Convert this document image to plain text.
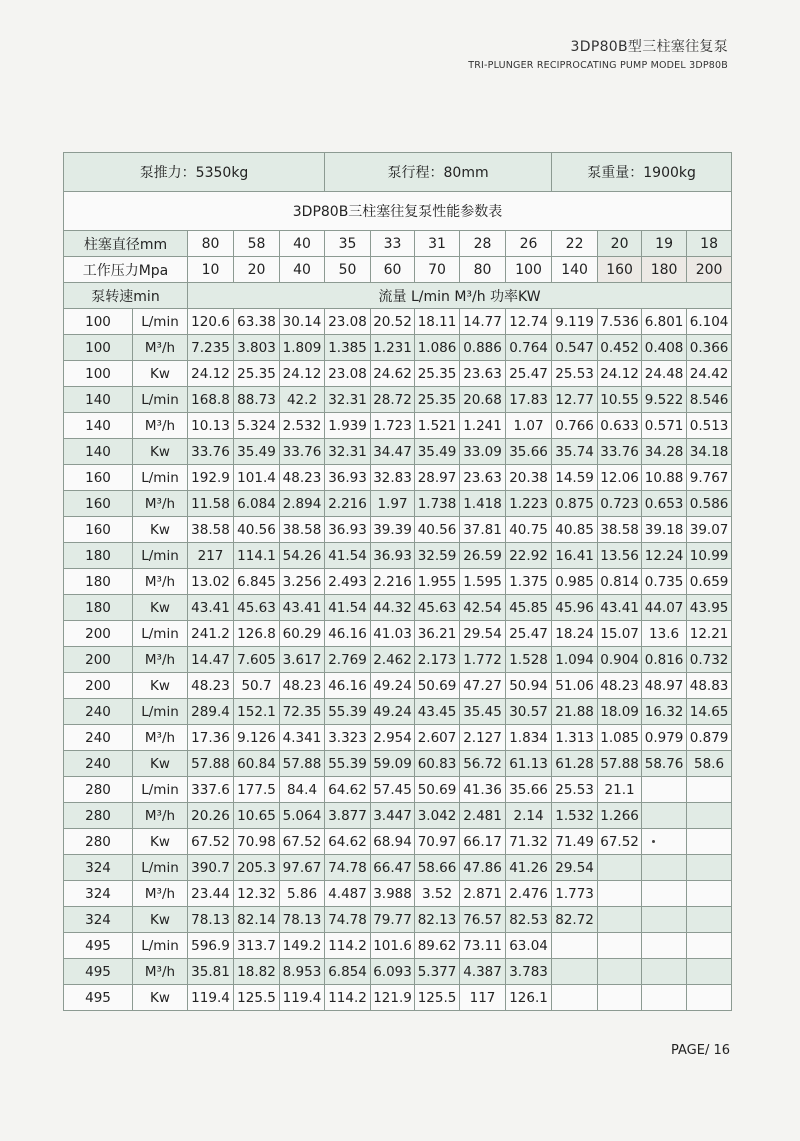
3DP80B型三柱塞往复泵
TRI-PLUNGER RECIPROCATING PUMP MODEL 3DP80B
泵推力：5350kg					泵行程：80mm					泵重量：1900kg			
3DP80B三柱塞往复泵性能参数表													
柱塞直径mm		80	58	40	35	33	31	28	26	22	20	19	18
工作压力Mpa		10	20	40	50	60	70	80	100	140	160	180	200
泵转速min		流量 L/min M³/h 功率KW											
100	L/min	120.6	63.38	30.14	23.08	20.52	18.11	14.77	12.74	9.119	7.536	6.801	6.104
100	M³/h	7.235	3.803	1.809	1.385	1.231	1.086	0.886	0.764	0.547	0.452	0.408	0.366
100	Kw	24.12	25.35	24.12	23.08	24.62	25.35	23.63	25.47	25.53	24.12	24.48	24.42
140	L/min	168.8	88.73	42.2	32.31	28.72	25.35	20.68	17.83	12.77	10.55	9.522	8.546
140	M³/h	10.13	5.324	2.532	1.939	1.723	1.521	1.241	1.07	0.766	0.633	0.571	0.513
140	Kw	33.76	35.49	33.76	32.31	34.47	35.49	33.09	35.66	35.74	33.76	34.28	34.18
160	L/min	192.9	101.4	48.23	36.93	32.83	28.97	23.63	20.38	14.59	12.06	10.88	9.767
160	M³/h	11.58	6.084	2.894	2.216	1.97	1.738	1.418	1.223	0.875	0.723	0.653	0.586
160	Kw	38.58	40.56	38.58	36.93	39.39	40.56	37.81	40.75	40.85	38.58	39.18	39.07
180	L/min	217	114.1	54.26	41.54	36.93	32.59	26.59	22.92	16.41	13.56	12.24	10.99
180	M³/h	13.02	6.845	3.256	2.493	2.216	1.955	1.595	1.375	0.985	0.814	0.735	0.659
180	Kw	43.41	45.63	43.41	41.54	44.32	45.63	42.54	45.85	45.96	43.41	44.07	43.95
200	L/min	241.2	126.8	60.29	46.16	41.03	36.21	29.54	25.47	18.24	15.07	13.6	12.21
200	M³/h	14.47	7.605	3.617	2.769	2.462	2.173	1.772	1.528	1.094	0.904	0.816	0.732
200	Kw	48.23	50.7	48.23	46.16	49.24	50.69	47.27	50.94	51.06	48.23	48.97	48.83
240	L/min	289.4	152.1	72.35	55.39	49.24	43.45	35.45	30.57	21.88	18.09	16.32	14.65
240	M³/h	17.36	9.126	4.341	3.323	2.954	2.607	2.127	1.834	1.313	1.085	0.979	0.879
240	Kw	57.88	60.84	57.88	55.39	59.09	60.83	56.72	61.13	61.28	57.88	58.76	58.6
280	L/min	337.6	177.5	84.4	64.62	57.45	50.69	41.36	35.66	25.53	21.1		
280	M³/h	20.26	10.65	5.064	3.877	3.447	3.042	2.481	2.14	1.532	1.266		
280	Kw	67.52	70.98	67.52	64.62	68.94	70.97	66.17	71.32	71.49	67.52		
324	L/min	390.7	205.3	97.67	74.78	66.47	58.66	47.86	41.26	29.54			
324	M³/h	23.44	12.32	5.86	4.487	3.988	3.52	2.871	2.476	1.773			
324	Kw	78.13	82.14	78.13	74.78	79.77	82.13	76.57	82.53	82.72			
495	L/min	596.9	313.7	149.2	114.2	101.6	89.62	73.11	63.04				
495	M³/h	35.81	18.82	8.953	6.854	6.093	5.377	4.387	3.783				
495	Kw	119.4	125.5	119.4	114.2	121.9	125.5	117	126.1				
PAGE/ 16
